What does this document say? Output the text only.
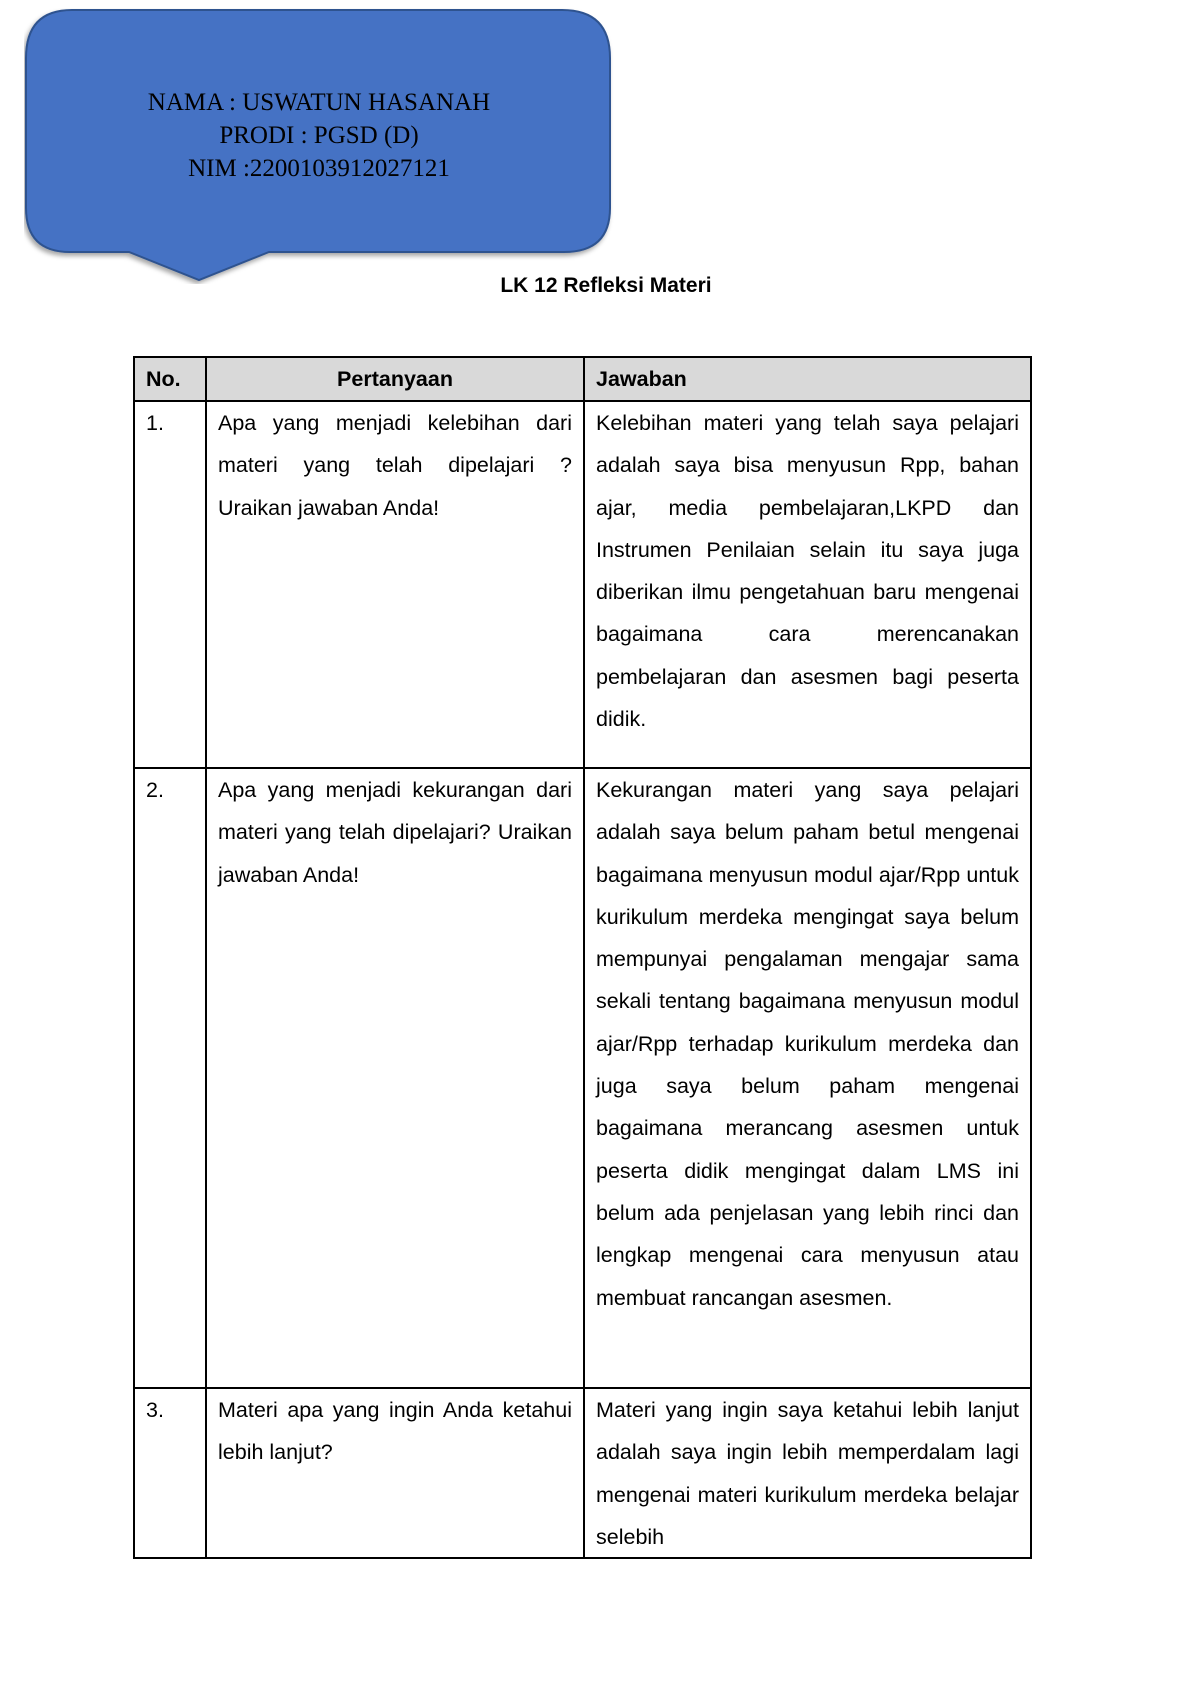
NAMA : USWATUN HASANAH
PRODI : PGSD (D)
NIM :2200103912027121
LK 12 Refleksi Materi
No.	Pertanyaan	Jawaban
1.	Apa yang menjadi kelebihan dari materi yang telah dipelajari ? Uraikan jawaban Anda!	Kelebihan materi yang telah saya pelajari adalah saya bisa menyusun Rpp, bahan ajar, media pembelajaran,LKPD dan Instrumen Penilaian selain itu saya juga diberikan ilmu pengetahuan baru mengenai bagaimana cara merencanakan pembelajaran dan asesmen bagi peserta didik.
2.	Apa yang menjadi kekurangan dari materi yang telah dipelajari? Uraikan jawaban Anda!	Kekurangan materi yang saya pelajari adalah saya belum paham betul mengenai bagaimana menyusun modul ajar/Rpp untuk kurikulum merdeka mengingat saya belum mempunyai pengalaman mengajar sama sekali tentang bagaimana menyusun modul ajar/Rpp terhadap kurikulum merdeka dan juga saya belum paham mengenai bagaimana merancang asesmen untuk peserta didik mengingat dalam LMS ini belum ada penjelasan yang lebih rinci dan lengkap mengenai cara menyusun atau membuat rancangan asesmen.
3.	Materi apa yang ingin Anda ketahui lebih lanjut?	Materi yang ingin saya ketahui lebih lanjut adalah saya ingin lebih memperdalam lagi mengenai materi kurikulum merdeka belajar selebih
